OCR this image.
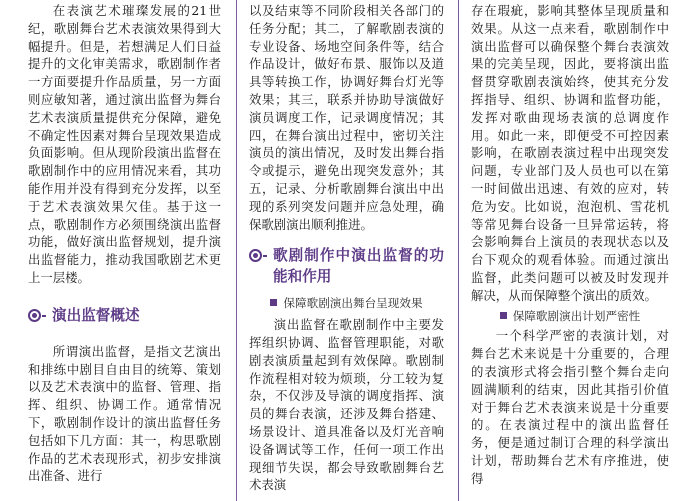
在表演艺术璀璨发展的21世纪，歌剧舞台艺术表演效果得到大幅提升。但是，若想满足人们日益提升的文化审美需求，歌剧制作者一方面要提升作品质量，另一方面则应敏知著，通过演出监督为舞台艺术表演质量提供充分保障，避免不确定性因素对舞台呈现效果造成负面影响。但从现阶段演出监督在歌剧制作中的应用情况来看，其功能作用并没有得到充分发挥，以至于艺术表演效果欠佳。基于这一点，歌剧制作方必须围绕演出监督功能，做好演出监督规划，提升演出监督能力，推动我国歌剧艺术更上一层楼。

演出监督概述

所谓演出监督，是指文艺演出和排练中剧目自由目的统筹、策划以及艺术表演中的监督、管理、指挥、组织、协调工作。通常情况下，歌剧制作设计的演出监督任务包括如下几方面：其一，构思歌剧作品的艺术表现形式，初步安排演出准备、进行

以及结束等不同阶段相关各部门的任务分配；其二，了解歌剧表演的专业设备、场地空间条件等，结合作品设计，做好布景、服饰以及道具等转换工作，协调好舞台灯光等效果；其三，联系并协助导演做好演员调度工作，记录调度情况；其四，在舞台演出过程中，密切关注演员的演出情况，及时发出舞台指令或提示，避免出现突发意外；其五，记录、分析歌剧舞台演出中出现的系列突发问题并应急处理，确保歌剧演出顺利推进。

歌剧制作中演出监督的功能和作用
保障歌剧演出舞台呈现效果

演出监督在歌剧制作中主要发挥组织协调、监督管理职能，对歌剧表演质量起到有效保障。歌剧制作流程相对较为烦琐，分工较为复杂，不仅涉及导演的调度指挥、演员的舞台表演，还涉及舞台搭建、场景设计、道具准备以及灯光音响设备调试等工作，任何一项工作出现细节失误，都会导致歌剧舞台艺术表演

存在瑕疵，影响其整体呈现质量和效果。从这一点来看，歌剧制作中演出监督可以确保整个舞台表演效果的完美呈现，因此，要将演出监督贯穿歌剧表演始终，使其充分发挥指导、组织、协调和监督功能，发挥对歌曲现场表演的总调度作用。如此一来，即便受不可控因素影响，在歌剧表演过程中出现突发问题，专业部门及人员也可以在第一时间做出迅速、有效的应对，转危为安。比如说，泡泡机、雪花机等常见舞台设备一旦异常运转，将会影响舞台上演员的表现状态以及台下观众的观看体验。而通过演出监督，此类问题可以被及时发现并解决，从而保障整个演出的质效。

保障歌剧演出计划严密性

一个科学严密的表演计划，对舞台艺术来说是十分重要的，合理的表演形式将会指引整个舞台走向圆满顺利的结束，因此其指引价值对于舞台艺术表演来说是十分重要的。在表演过程中的演出监督任务，便是通过制订合理的科学演出计划，帮助舞台艺术有序推进，使得
